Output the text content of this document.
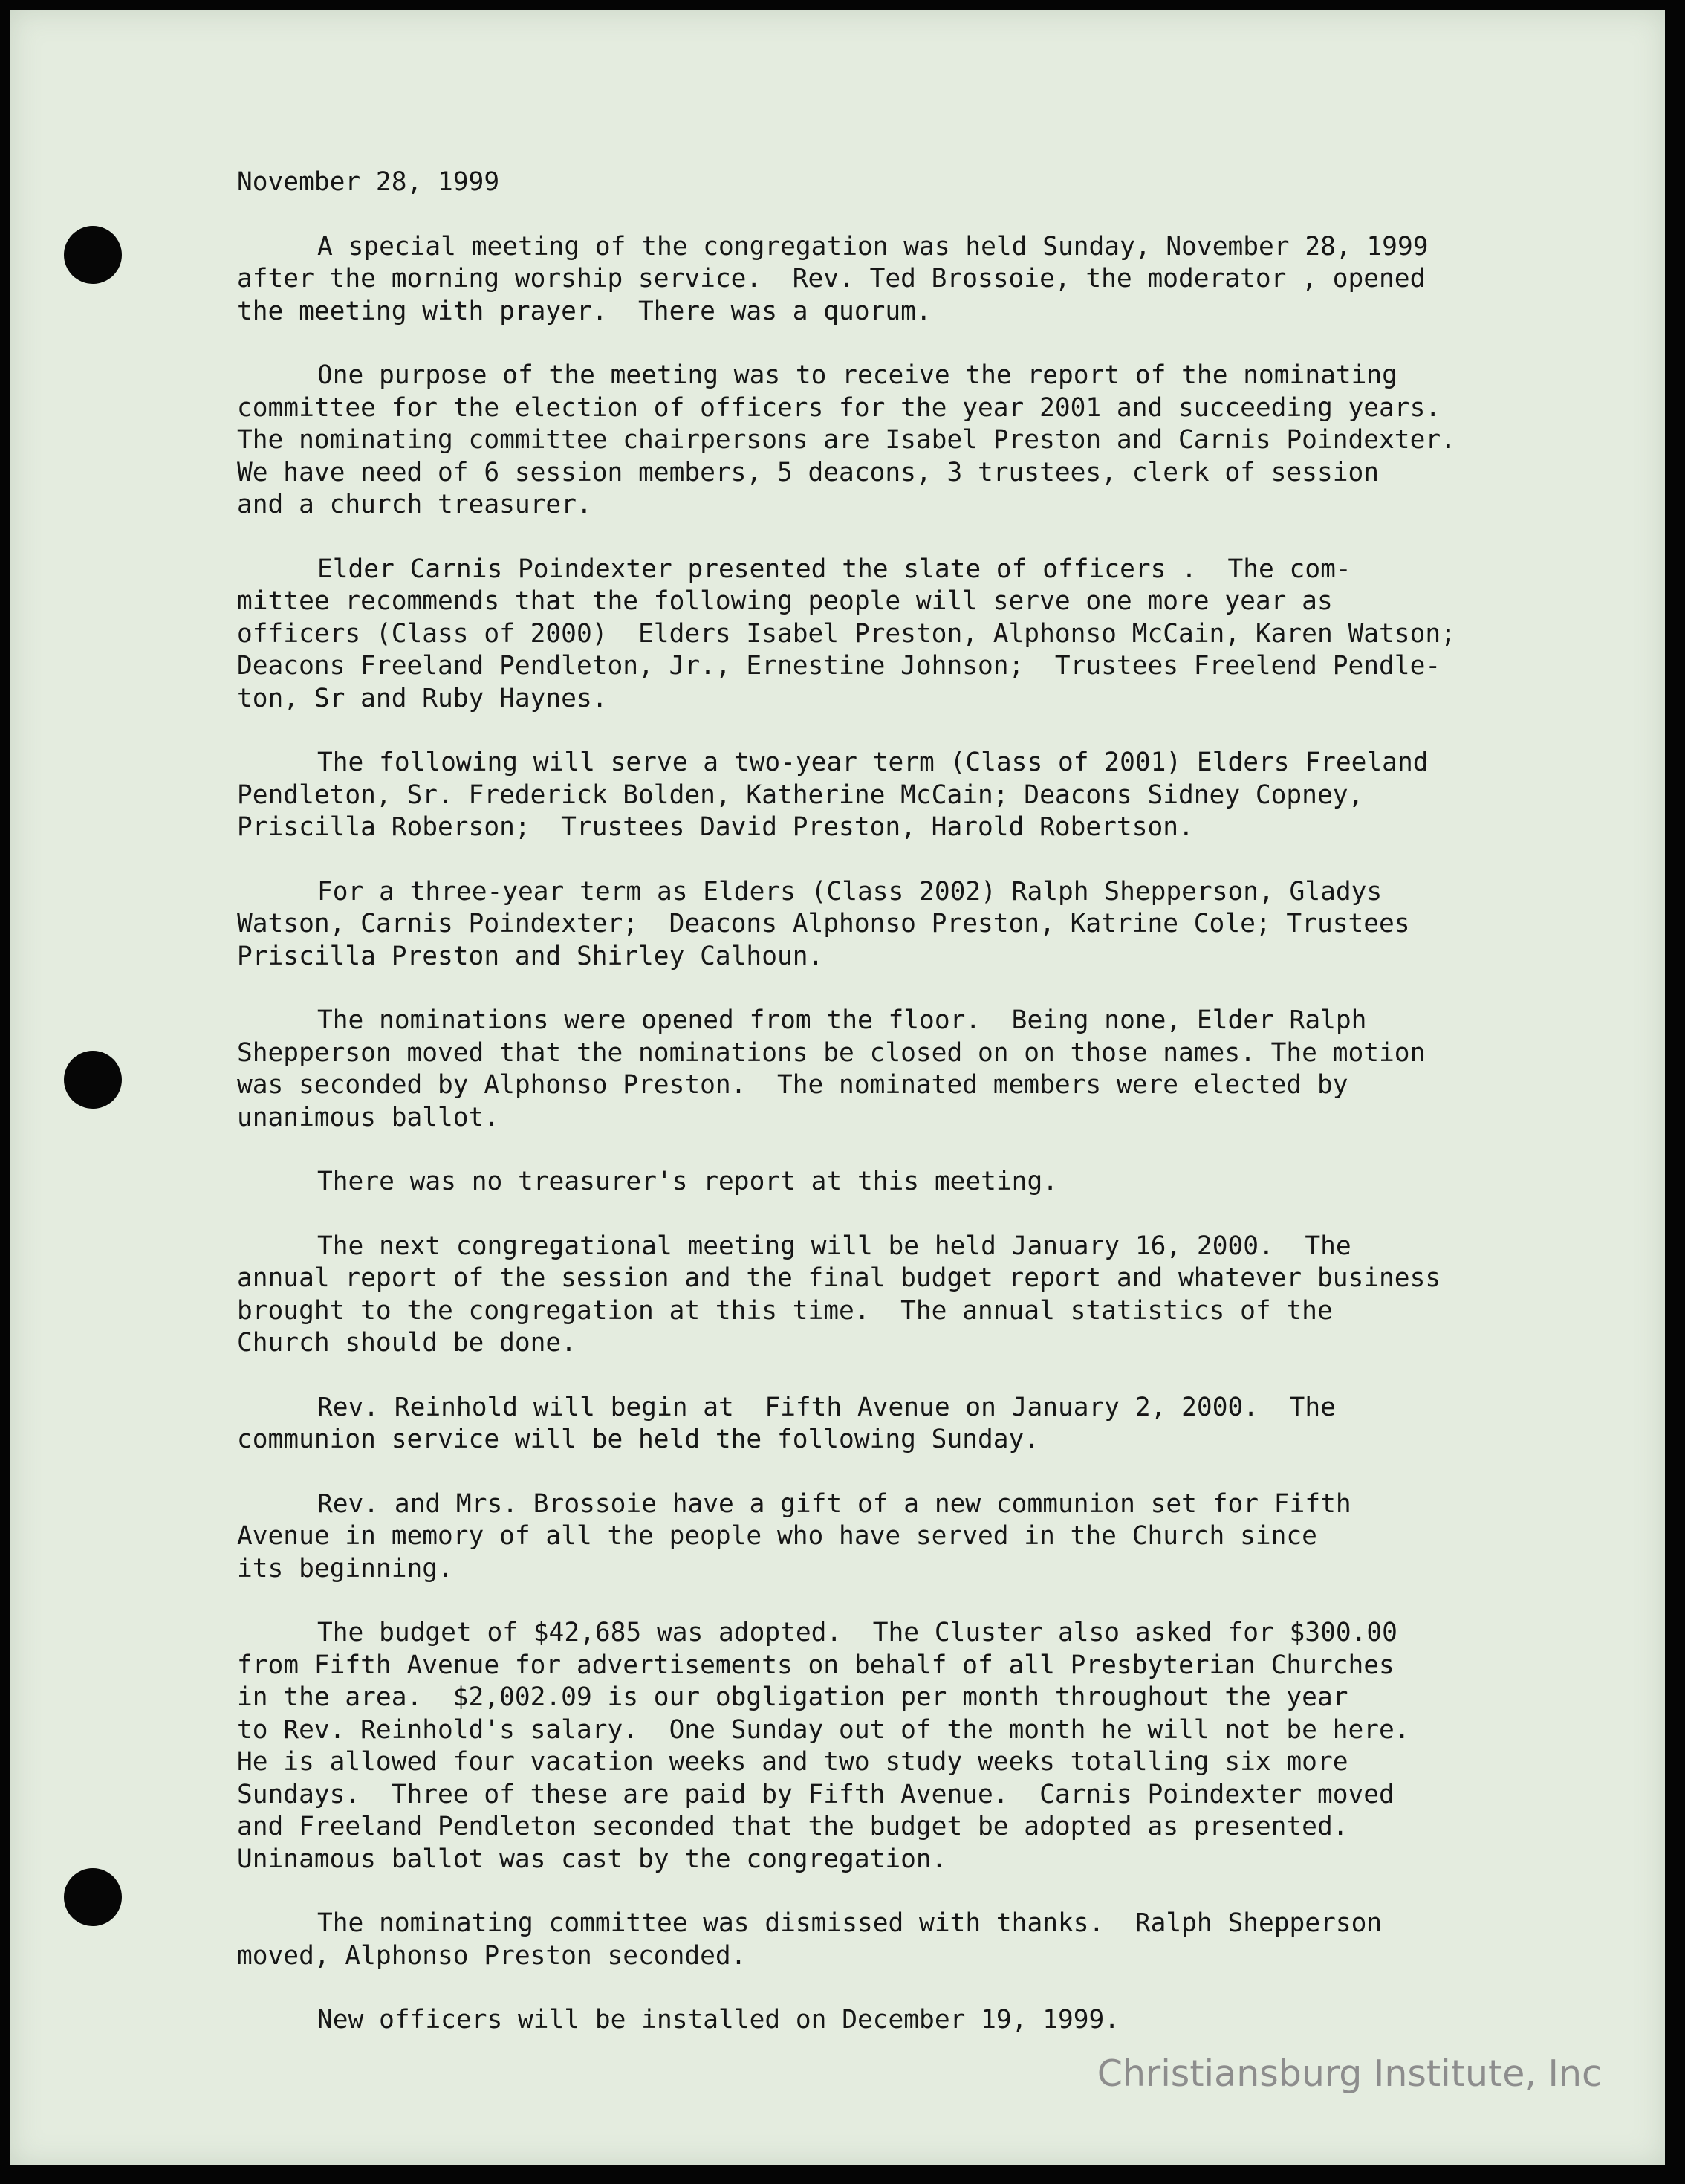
November 28, 1999
A special meeting of the congregation was held Sunday, November 28, 1999
after the morning worship service.  Rev. Ted Brossoie, the moderator , opened
the meeting with prayer.  There was a quorum.
One purpose of the meeting was to receive the report of the nominating
committee for the election of officers for the year 2001 and succeeding years.
The nominating committee chairpersons are Isabel Preston and Carnis Poindexter.
We have need of 6 session members, 5 deacons, 3 trustees, clerk of session
and a church treasurer.
Elder Carnis Poindexter presented the slate of officers .  The com-
mittee recommends that the following people will serve one more year as
officers (Class of 2000)  Elders Isabel Preston, Alphonso McCain, Karen Watson;
Deacons Freeland Pendleton, Jr., Ernestine Johnson;  Trustees Freelend Pendle-
ton, Sr and Ruby Haynes.
The following will serve a two-year term (Class of 2001) Elders Freeland
Pendleton, Sr. Frederick Bolden, Katherine McCain; Deacons Sidney Copney,
Priscilla Roberson;  Trustees David Preston, Harold Robertson.
For a three-year term as Elders (Class 2002) Ralph Shepperson, Gladys
Watson, Carnis Poindexter;  Deacons Alphonso Preston, Katrine Cole; Trustees
Priscilla Preston and Shirley Calhoun.
The nominations were opened from the floor.  Being none, Elder Ralph
Shepperson moved that the nominations be closed on on those names. The motion
was seconded by Alphonso Preston.  The nominated members were elected by
unanimous ballot.
There was no treasurer's report at this meeting.
The next congregational meeting will be held January 16, 2000.  The
annual report of the session and the final budget report and whatever business
brought to the congregation at this time.  The annual statistics of the
Church should be done.
Rev. Reinhold will begin at  Fifth Avenue on January 2, 2000.  The
communion service will be held the following Sunday.
Rev. and Mrs. Brossoie have a gift of a new communion set for Fifth
Avenue in memory of all the people who have served in the Church since
its beginning.
The budget of $42,685 was adopted.  The Cluster also asked for $300.00
from Fifth Avenue for advertisements on behalf of all Presbyterian Churches
in the area.  $2,002.09 is our obgligation per month throughout the year
to Rev. Reinhold's salary.  One Sunday out of the month he will not be here.
He is allowed four vacation weeks and two study weeks totalling six more
Sundays.  Three of these are paid by Fifth Avenue.  Carnis Poindexter moved
and Freeland Pendleton seconded that the budget be adopted as presented.
Uninamous ballot was cast by the congregation.
The nominating committee was dismissed with thanks.  Ralph Shepperson
moved, Alphonso Preston seconded.
New officers will be installed on December 19, 1999.
Christiansburg Institute, Inc
